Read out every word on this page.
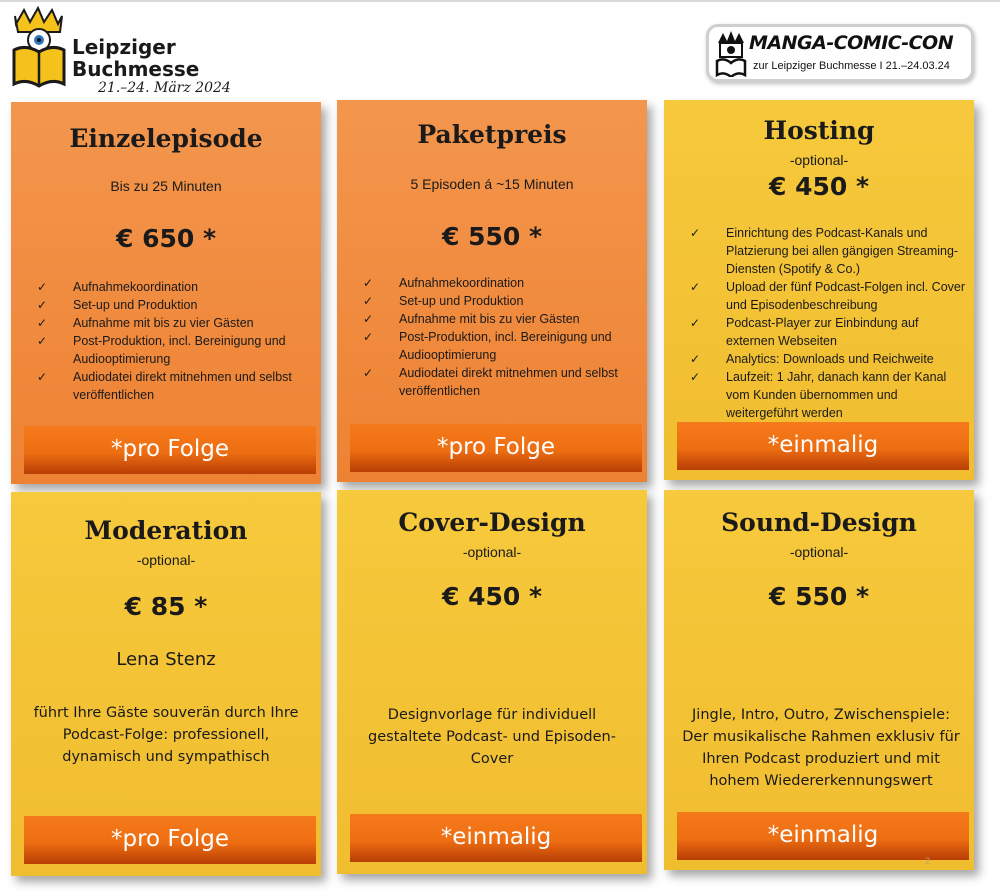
Leipziger
Buchmesse
21.–24. März 2024
MANGA-COMIC-CON
zur Leipziger Buchmesse I 21.–24.03.24
Einzelepisode
Bis zu 25 Minuten
€ 650 *
✓ Aufnahmekoordination
✓ Set-up und Produktion
✓ Aufnahme mit bis zu vier Gästen
✓ Post-Produktion, incl. Bereinigung und Audiooptimierung
✓ Audiodatei direkt mitnehmen und selbst veröffentlichen
*pro Folge
Paketpreis
5 Episoden á ~15 Minuten
€ 550 *
✓ Aufnahmekoordination
✓ Set-up und Produktion
✓ Aufnahme mit bis zu vier Gästen
✓ Post-Produktion, incl. Bereinigung und Audiooptimierung
✓ Audiodatei direkt mitnehmen und selbst veröffentlichen
*pro Folge
Hosting
-optional-
€ 450 *
✓ Einrichtung des Podcast-Kanals und Platzierung bei allen gängigen Streaming-Diensten (Spotify & Co.)
✓ Upload der fünf Podcast-Folgen incl. Cover und Episodenbeschreibung
✓ Podcast-Player zur Einbindung auf externen Webseiten
✓ Analytics: Downloads und Reichweite
✓ Laufzeit: 1 Jahr, danach kann der Kanal vom Kunden übernommen und weitergeführt werden
*einmalig
Moderation
-optional-
€ 85 *
Lena Stenz
führt Ihre Gäste souverän durch Ihre Podcast-Folge: professionell, dynamisch und sympathisch
*pro Folge
Cover-Design
-optional-
€ 450 *
Designvorlage für individuell gestaltete Podcast- und Episoden-Cover
*einmalig
Sound-Design
-optional-
€ 550 *
Jingle, Intro, Outro, Zwischenspiele: Der musikalische Rahmen exklusiv für Ihren Podcast produziert und mit hohem Wiedererkennungswert
*einmalig
2
